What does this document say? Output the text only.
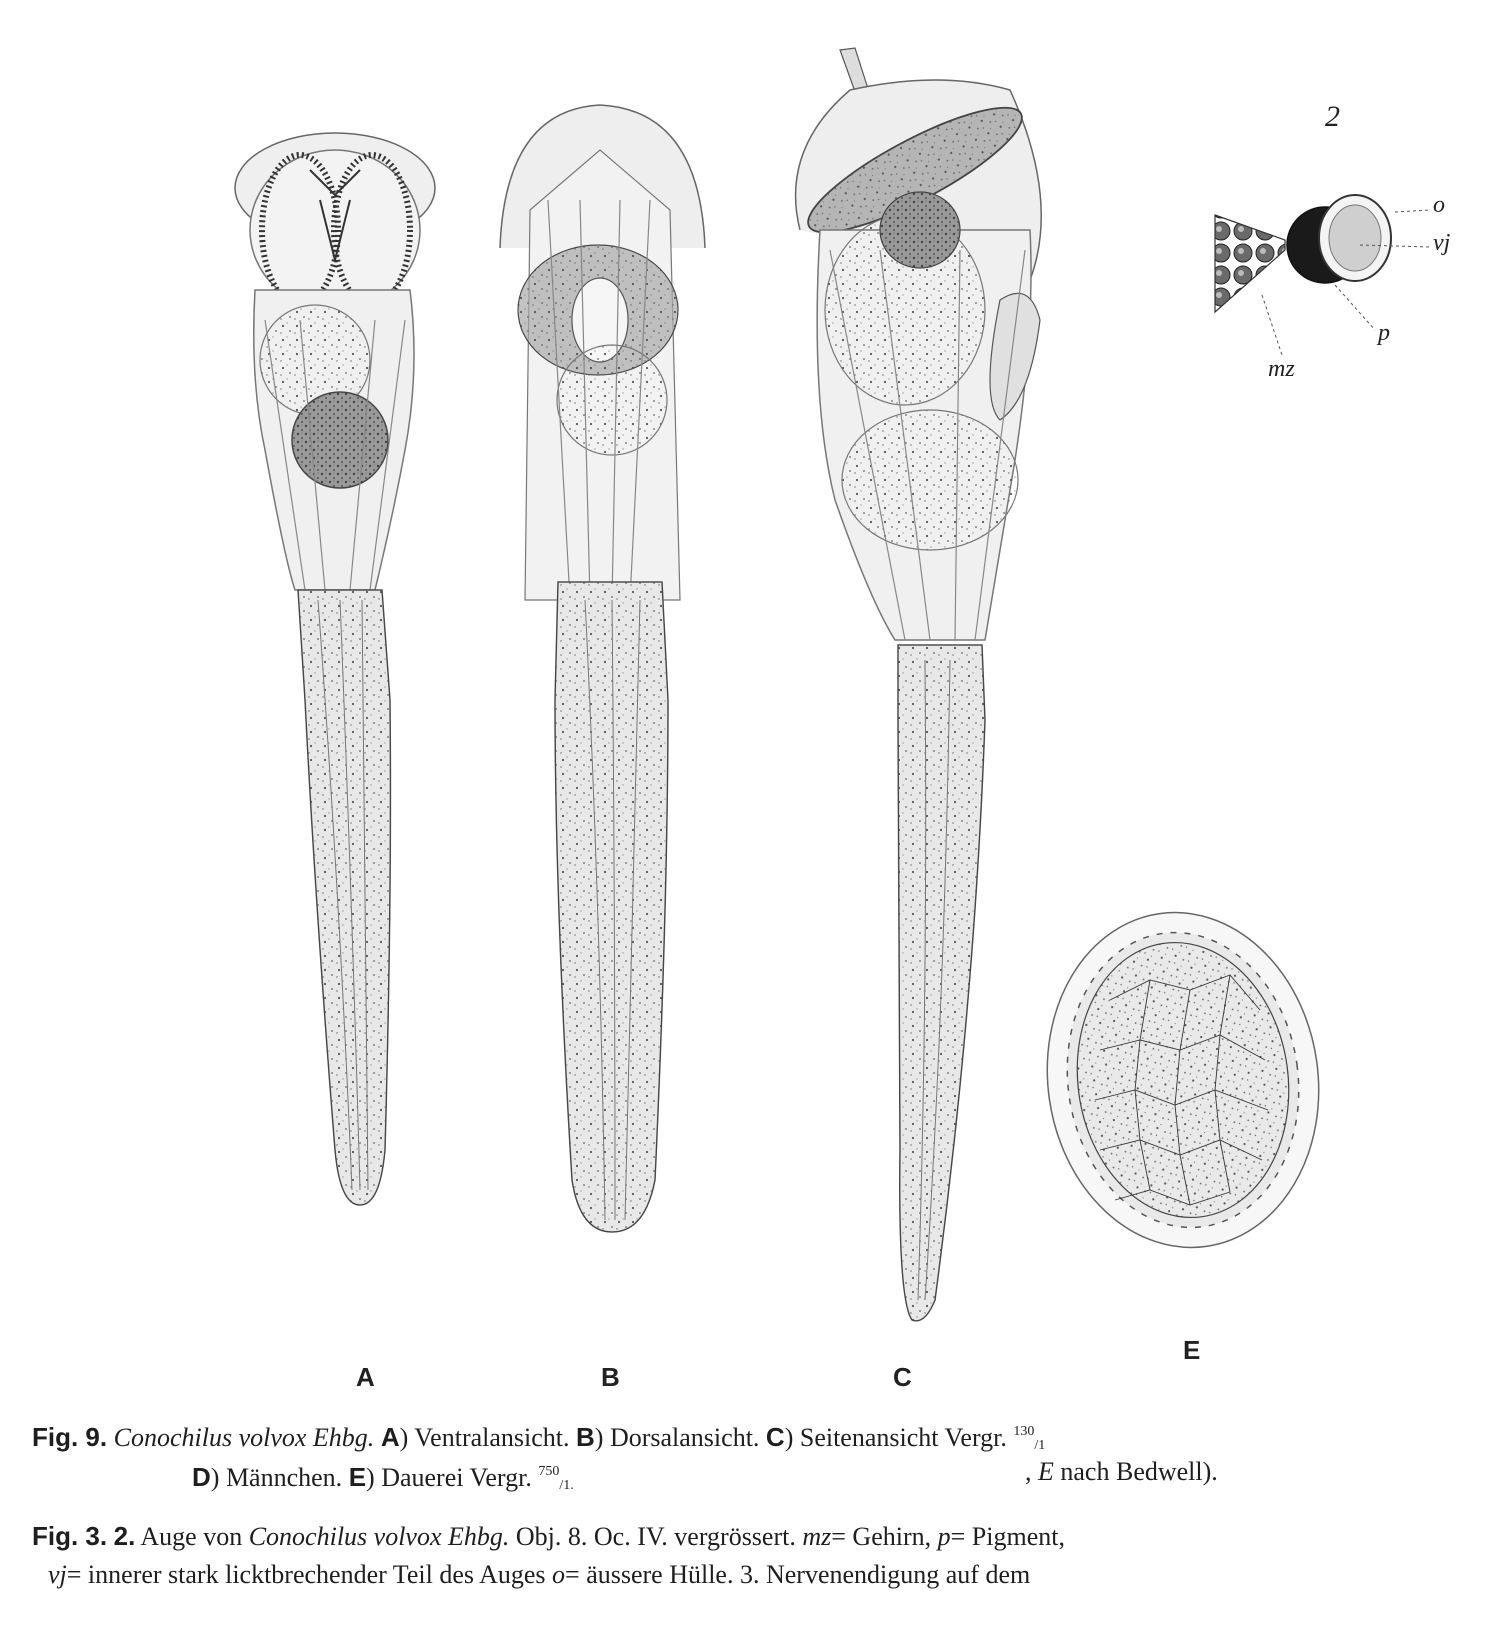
A	B	C
E
2
o
vj
p
mz
Fig. 9. Conochilus volvox Ehbg. A) Ventralansicht. B) Dorsalansicht. C) Seitenansicht Vergr. $^{130}_{/1}$
D) Männchen. E) Dauerei Vergr. $^{750}_{/1.}$	, E nach Bedwell).
Fig. 3. 2. Auge von Conochilus volvox Ehbg. Obj. 8. Oc. IV. vergrössert. mz= Gehirn, p= Pigment,
vj= innerer stark licktbrechender Teil des Auges o= äussere Hülle. 3. Nervenendigung auf dem
